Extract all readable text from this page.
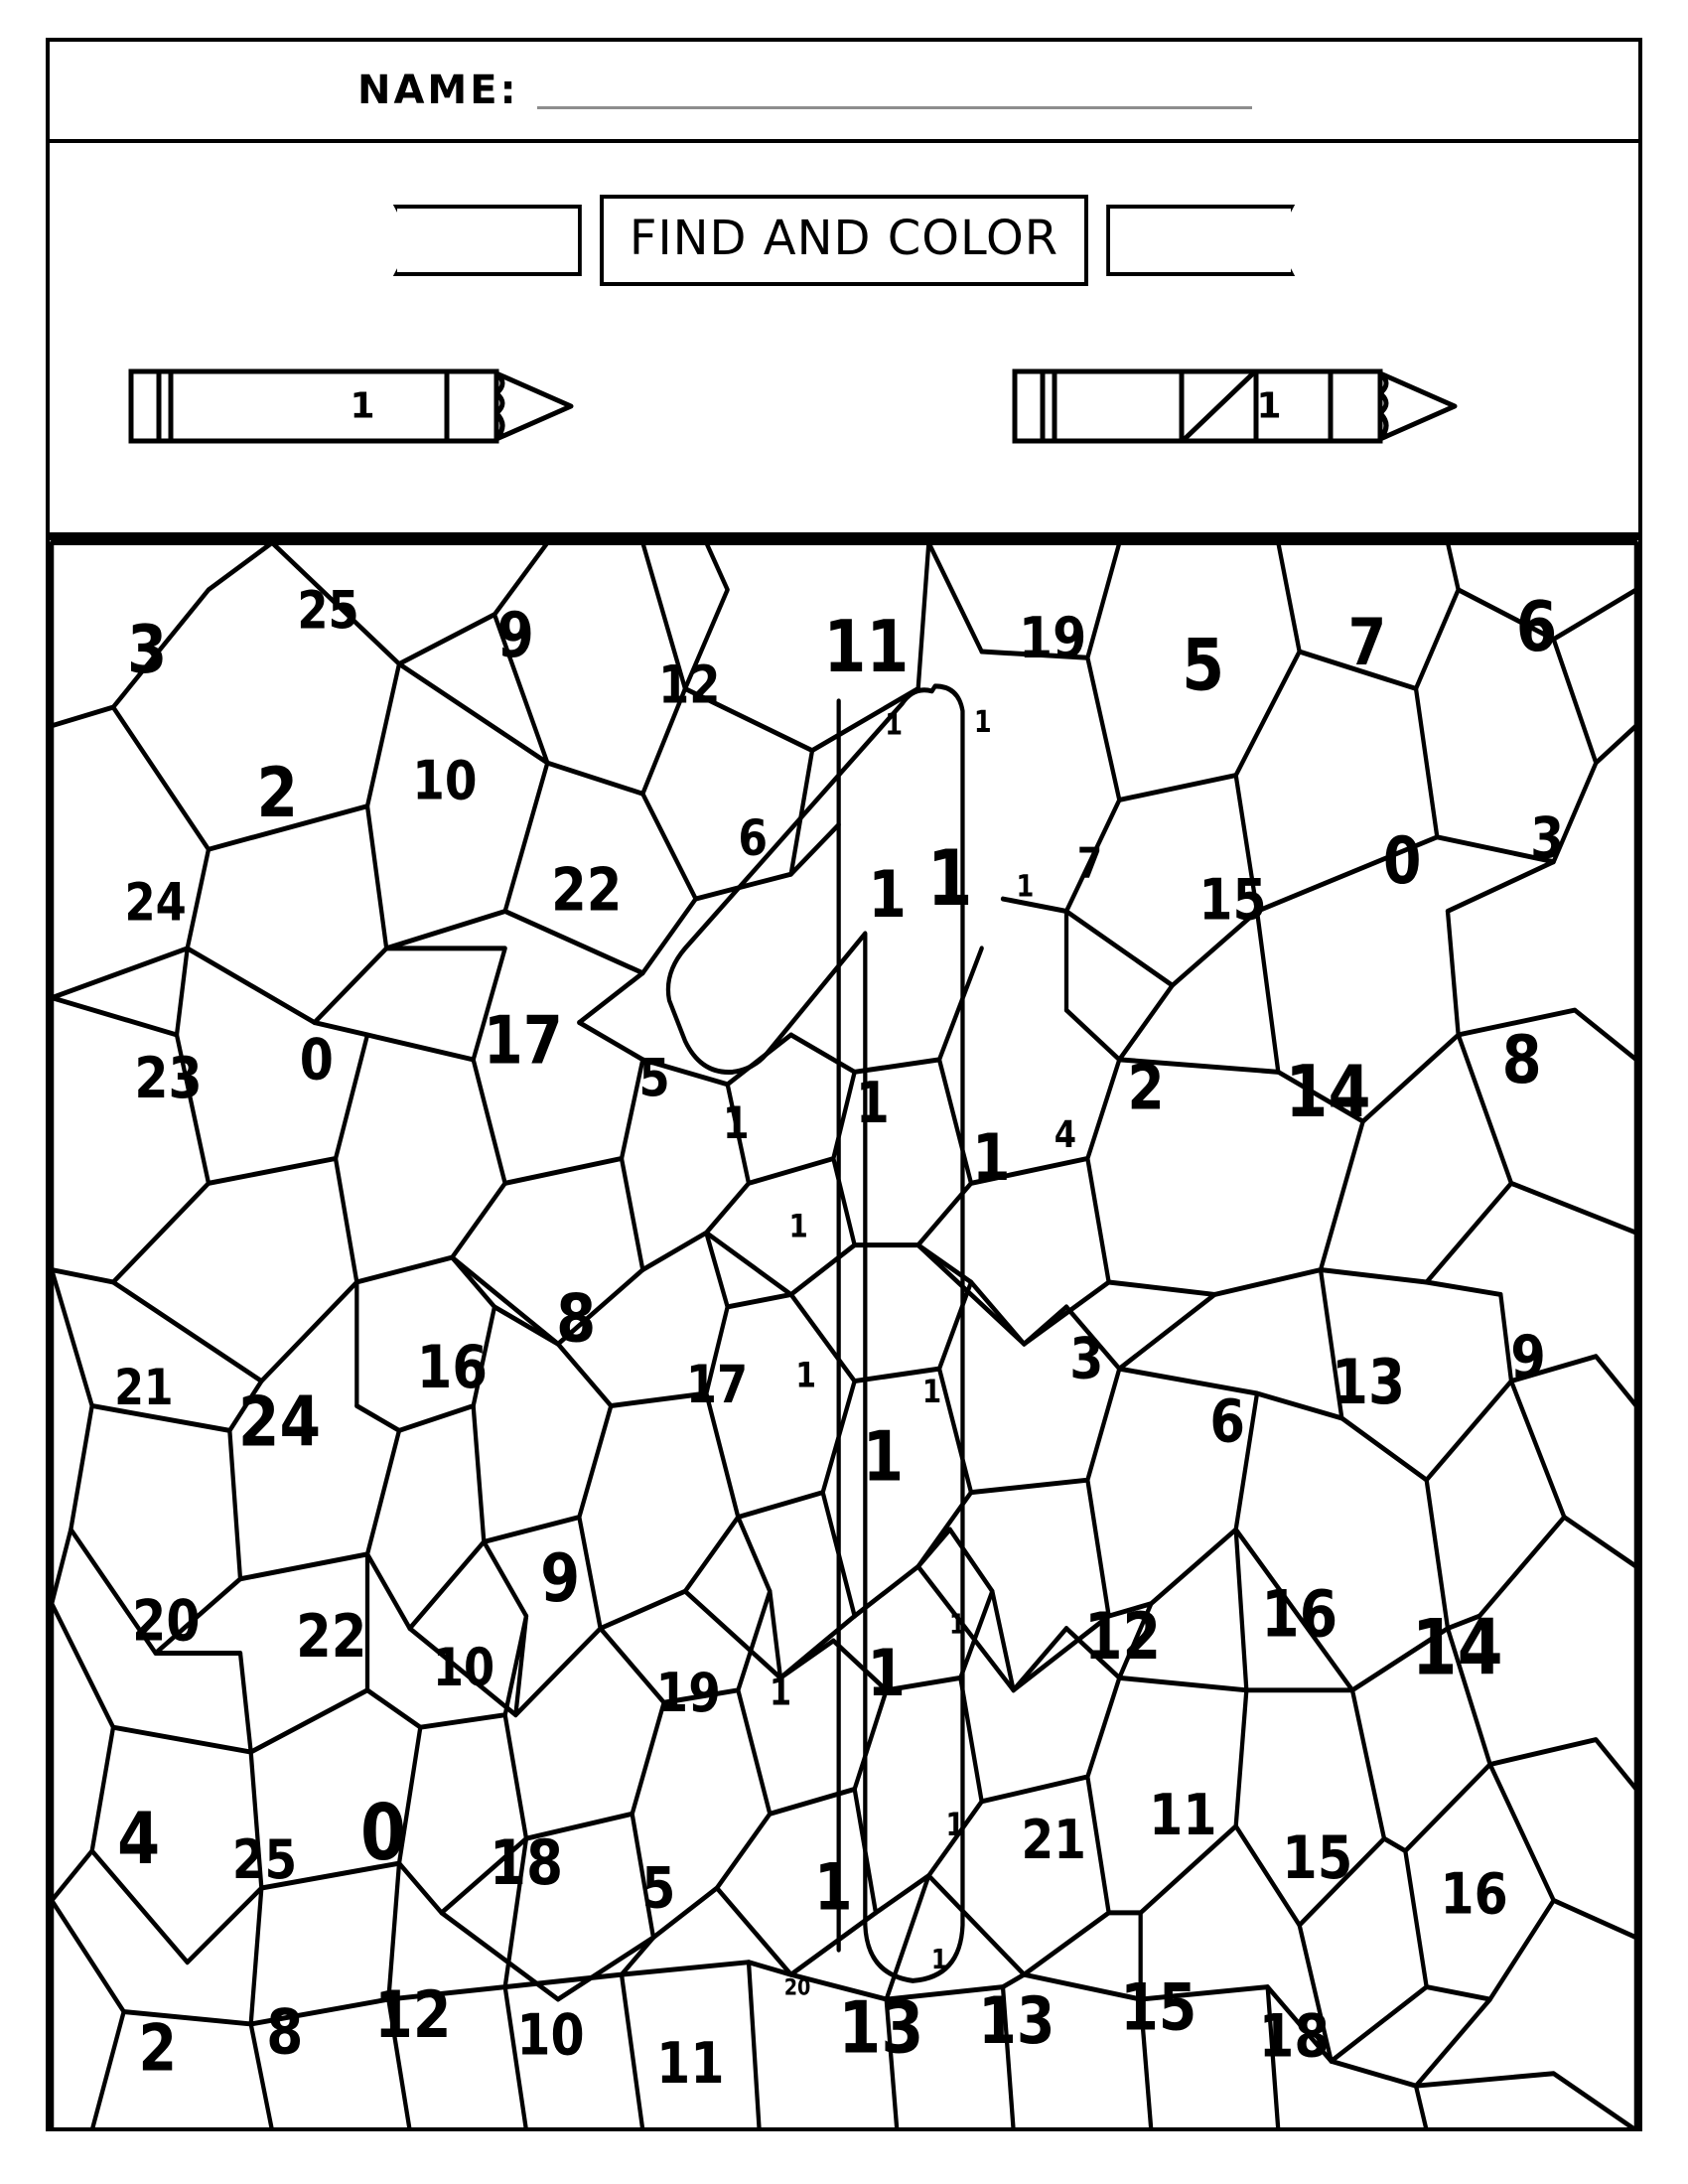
NAME:
FIND AND COLOR
1	1
3	25	9
12 11 19 5 7 6
2	10
22
6
1
1	1
1 1 7
15
0 3
24
17 5
1 1
1 4
2 14 8
23 0
1
21 24
16
8
17 1	1
1
3
6
13 9
20 22 10
9
19 1 1
1 12 16 14
4 25 0 18 5	1
1 21 11
15
16
2 8 12 10 11
20
1
13 13 15 18
